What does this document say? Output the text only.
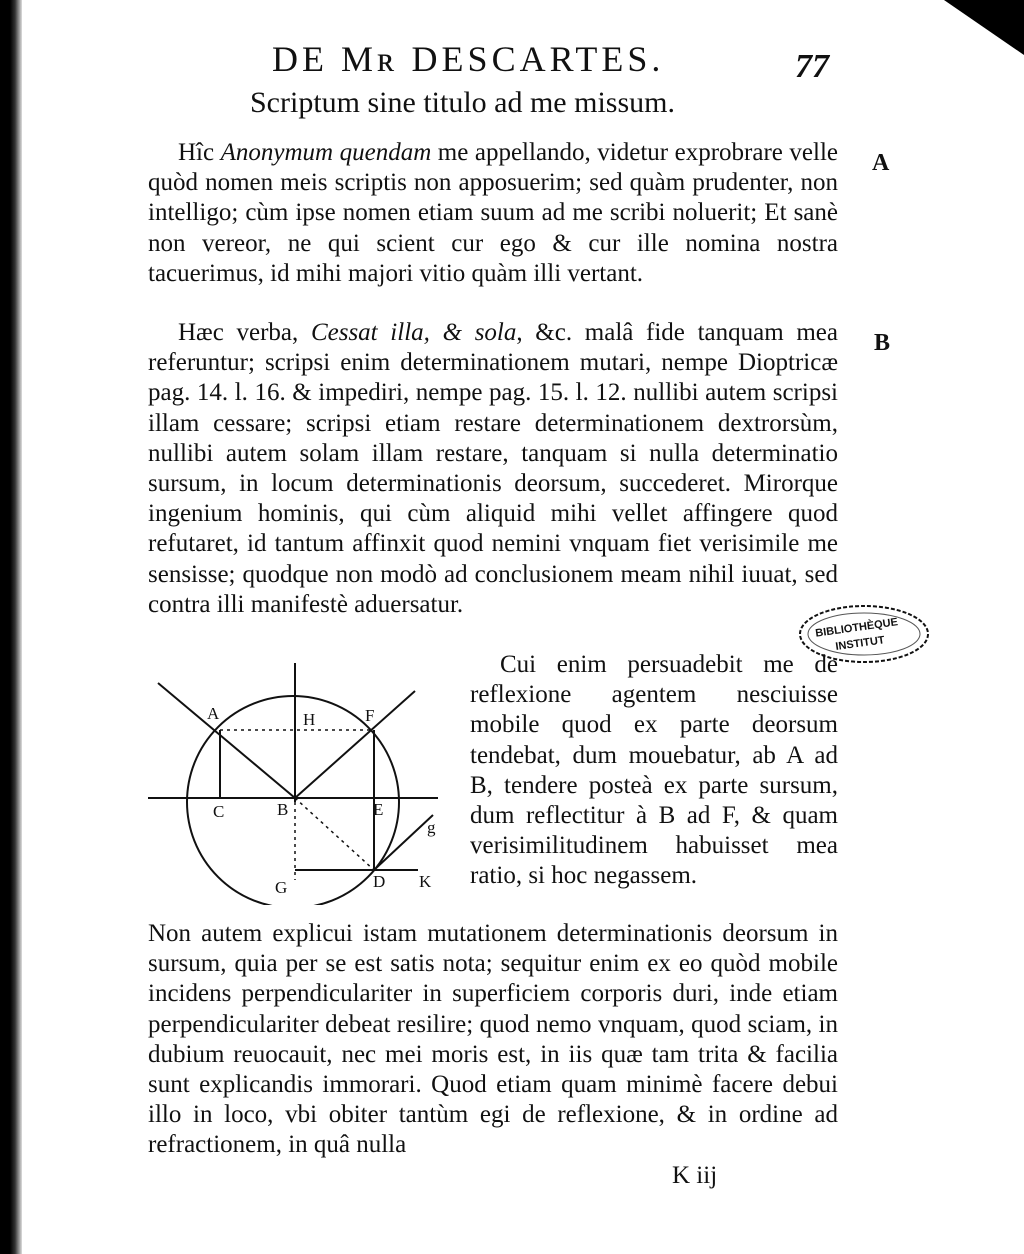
DE Mʀ DESCARTES.	77
Scriptum sine titulo ad me missum.
A
B

Hîc Anonymum quendam me appellando, videtur exprobrare velle quòd nomen meis scriptis non apposuerim; sed quàm prudenter, non intelligo; cùm ipse nomen etiam suum ad me scribi noluerit; Et sanè non vereor, ne qui scient cur ego & cur ille nomina nostra tacuerimus, id mihi majori vitio quàm illi vertant.

Hæc verba, Cessat illa, & sola, &c. malâ fide tanquam mea referuntur; scripsi enim determinationem mutari, nempe Dioptricæ pag. 14. l. 16. & impediri, nempe pag. 15. l. 12. nullibi autem scripsi illam cessare; scripsi etiam restare determinationem dextrorsùm, nullibi autem solam illam restare, tanquam si nulla determinatio sursum, in locum determinationis deorsum, succederet. Mirorque ingenium hominis, qui cùm aliquid mihi vellet affingere quod refutaret, id tantum affinxit quod nemini vnquam fiet verisimile me sensisse; quodque non modò ad conclusionem meam nihil iuuat, sed contra illi manifestè aduersatur.

Cui enim persuadebit me de reflexione agentem nesciuisse mobile quod ex parte deorsum tendebat, dum mouebatur, ab A ad B, tendere posteà ex parte sursum, dum reflectitur à B ad F, & quam verisimilitudinem habuisset mea ratio, si hoc negassem.

A	H	F
C	B	E
G	D K
g

Non autem explicui istam mutationem determinationis deorsum in sursum, quia per se est satis nota; sequitur enim ex eo quòd mobile incidens perpendiculariter in superficiem corporis duri, inde etiam perpendiculariter debeat resilire; quod nemo vnquam, quod sciam, in dubium reuocauit, nec mei moris est, in iis quæ tam trita & facilia sunt explicandis immorari. Quod etiam quam minimè facere debui illo in loco, vbi obiter tantùm egi de reflexione, & in ordine ad refractionem, in quâ nulla

BIBLIOTHÈQUE
INSTITUT
K iij
